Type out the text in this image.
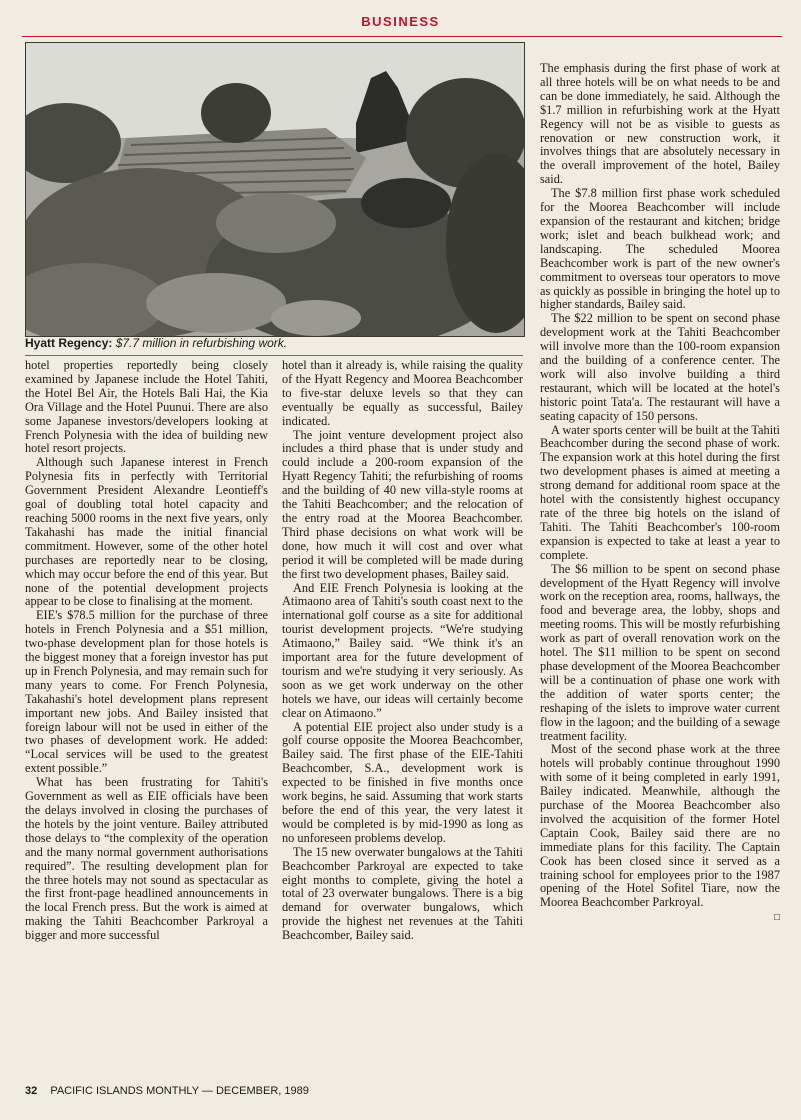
BUSINESS
Hyatt Regency: $7.7 million in refurbishing work.

hotel properties reportedly being closely examined by Japanese include the Hotel Tahiti, the Hotel Bel Air, the Hotels Bali Hai, the Kia Ora Village and the Hotel Puunui. There are also some Japanese investors/developers looking at French Polynesia with the idea of building new hotel resort projects.

Although such Japanese interest in French Polynesia fits in perfectly with Territorial Government President Alexandre Leontieff's goal of doubling total hotel capacity and reaching 5000 rooms in the next five years, only Takahashi has made the initial financial commitment. However, some of the other hotel purchases are reportedly near to be closing, which may occur before the end of this year. But none of the potential development projects appear to be close to finalising at the moment.

EIE's $78.5 million for the purchase of three hotels in French Polynesia and a $51 million, two-phase development plan for those hotels is the biggest money that a foreign investor has put up in French Polynesia, and may remain such for many years to come. For French Polynesia, Takahashi's hotel development plans represent important new jobs. And Bailey insisted that foreign labour will not be used in either of the two phases of development work. He added: “Local services will be used to the greatest extent possible.”

What has been frustrating for Tahiti's Government as well as EIE officials have been the delays involved in closing the purchases of the hotels by the joint venture. Bailey attributed those delays to “the complexity of the operation and the many normal government authorisations required”. The resulting development plan for the three hotels may not sound as spectacular as the first front-page headlined announcements in the local French press. But the work is aimed at making the Tahiti Beachcomber Parkroyal a bigger and more successful

hotel than it already is, while raising the quality of the Hyatt Regency and Moorea Beachcomber to five-star deluxe levels so that they can eventually be equally as successful, Bailey indicated.

The joint venture development project also includes a third phase that is under study and could include a 200-room expansion of the Hyatt Regency Tahiti; the refurbishing of rooms and the building of 40 new villa-style rooms at the Tahiti Beachcomber; and the relocation of the entry road at the Moorea Beachcomber. Third phase decisions on what work will be done, how much it will cost and over what period it will be completed will be made during the first two development phases, Bailey said.

And EIE French Polynesia is looking at the Atimaono area of Tahiti's south coast next to the international golf course as a site for additional tourist development projects. “We're studying Atimaono,” Bailey said. “We think it's an important area for the future development of tourism and we're studying it very seriously. As soon as we get work underway on the other hotels we have, our ideas will certainly become clear on Atimaono.”

A potential EIE project also under study is a golf course opposite the Moorea Beachcomber, Bailey said. The first phase of the EIE-Tahiti Beachcomber, S.A., development work is expected to be finished in five months once work begins, he said. Assuming that work starts before the end of this year, the very latest it would be completed is by mid-1990 as long as no unforeseen problems develop.

The 15 new overwater bungalows at the Tahiti Beachcomber Parkroyal are expected to take eight months to complete, giving the hotel a total of 23 overwater bungalows. There is a big demand for overwater bungalows, which provide the highest net revenues at the Tahiti Beachcomber, Bailey said.

The emphasis during the first phase of work at all three hotels will be on what needs to be and can be done immediately, he said. Although the $1.7 million in refurbishing work at the Hyatt Regency will not be as visible to guests as renovation or new construction work, it involves things that are absolutely necessary in the overall improvement of the hotel, Bailey said.

The $7.8 million first phase work scheduled for the Moorea Beachcomber will include expansion of the restaurant and kitchen; bridge work; islet and beach bulkhead work; and landscaping. The scheduled Moorea Beachcomber work is part of the new owner's commitment to overseas tour operators to move as quickly as possible in bringing the hotel up to higher standards, Bailey said.

The $22 million to be spent on second phase development work at the Tahiti Beachcomber will involve more than the 100-room expansion and the building of a conference center. The work will also involve building a third restaurant, which will be located at the hotel's historic point Tata'a. The restaurant will have a seating capacity of 150 persons.

A water sports center will be built at the Tahiti Beachcomber during the second phase of work. The expansion work at this hotel during the first two development phases is aimed at meeting a strong demand for additional room space at the hotel with the consistently highest occupancy rate of the three big hotels on the island of Tahiti. The Tahiti Beachcomber's 100-room expansion is expected to take at least a year to complete.

The $6 million to be spent on second phase development of the Hyatt Regency will involve work on the reception area, rooms, hallways, the food and beverage area, the lobby, shops and meeting rooms. This will be mostly refurbishing work as part of overall renovation work on the hotel. The $11 million to be spent on second phase development of the Moorea Beachcomber will be a continuation of phase one work with the addition of water sports center; the reshaping of the islets to improve water current flow in the lagoon; and the building of a sewage treatment facility.

Most of the second phase work at the three hotels will probably continue throughout 1990 with some of it being completed in early 1991, Bailey indicated. Meanwhile, although the purchase of the Moorea Beachcomber also involved the acquisition of the former Hotel Captain Cook, Bailey said there are no immediate plans for this facility. The Captain Cook has been closed since it served as a training school for employees prior to the 1987 opening of the Hotel Sofitel Tiare, now the Moorea Beachcomber Parkroyal.

□
32 PACIFIC ISLANDS MONTHLY — DECEMBER, 1989
